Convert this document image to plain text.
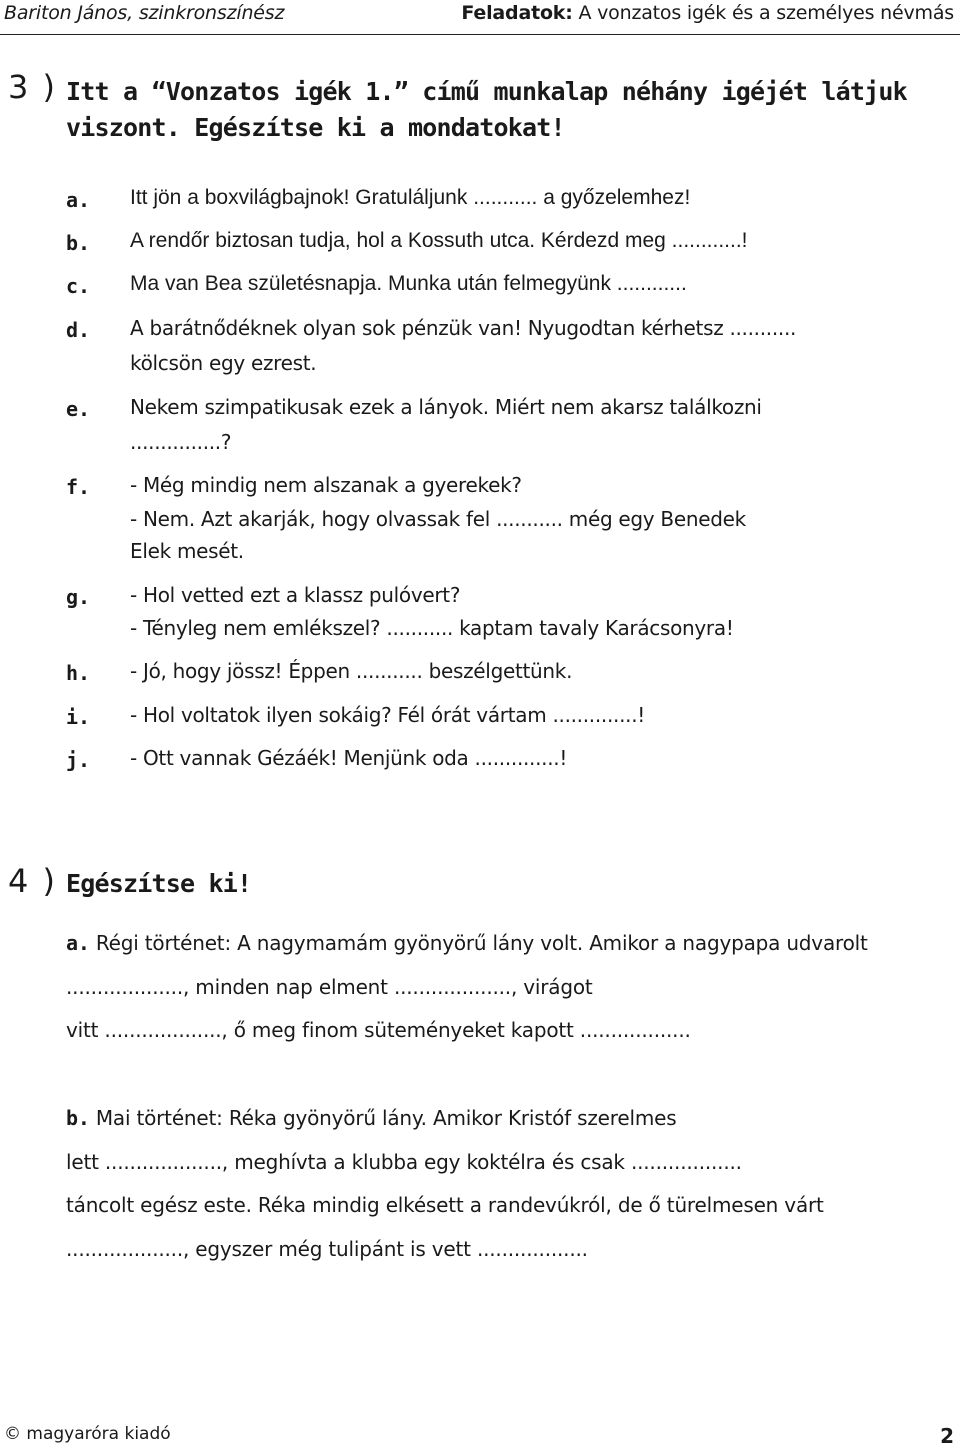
Bariton János, szinkronszínész	Feladatok: A vonzatos igék és a személyes névmás
3 ) Itt a “Vonzatos igék 1.” című munkalap néhány igéjét látjuk
viszont. Egészítse ki a mondatokat!
a. Itt jön a boxvilágbajnok! Gratuláljunk ........... a győzelemhez!
b. A rendőr biztosan tudja, hol a Kossuth utca. Kérdezd meg ............!
c. Ma van Bea születésnapja. Munka után felmegyünk ............
d. A barátnődéknek olyan sok pénzük van! Nyugodtan kérhetsz ...........
kölcsön egy ezrest.
e. Nekem szimpatikusak ezek a lányok. Miért nem akarsz találkozni
...............?
f. - Még mindig nem alszanak a gyerekek?
- Nem. Azt akarják, hogy olvassak fel ........... még egy Benedek
Elek mesét.
g. - Hol vetted ezt a klassz pulóvert?
- Tényleg nem emlékszel? ........... kaptam tavaly Karácsonyra!
h. - Jó, hogy jössz! Éppen ........... beszélgettünk.
i. - Hol voltatok ilyen sokáig? Fél órát vártam ..............!
j. - Ott vannak Gézáék! Menjünk oda ..............!
4 ) Egészítse ki!
a. Régi történet: A nagymamám gyönyörű lány volt. Amikor a nagypapa udvarolt
..................., minden nap elment ..................., virágot
vitt ..................., ő meg finom süteményeket kapott ..................
b. Mai történet: Réka gyönyörű lány. Amikor Kristóf szerelmes
lett ..................., meghívta a klubba egy koktélra és csak ..................
táncolt egész este. Réka mindig elkésett a randevúkról, de ő türelmesen várt
..................., egyszer még tulipánt is vett ..................
© magyaróra kiadó	2
